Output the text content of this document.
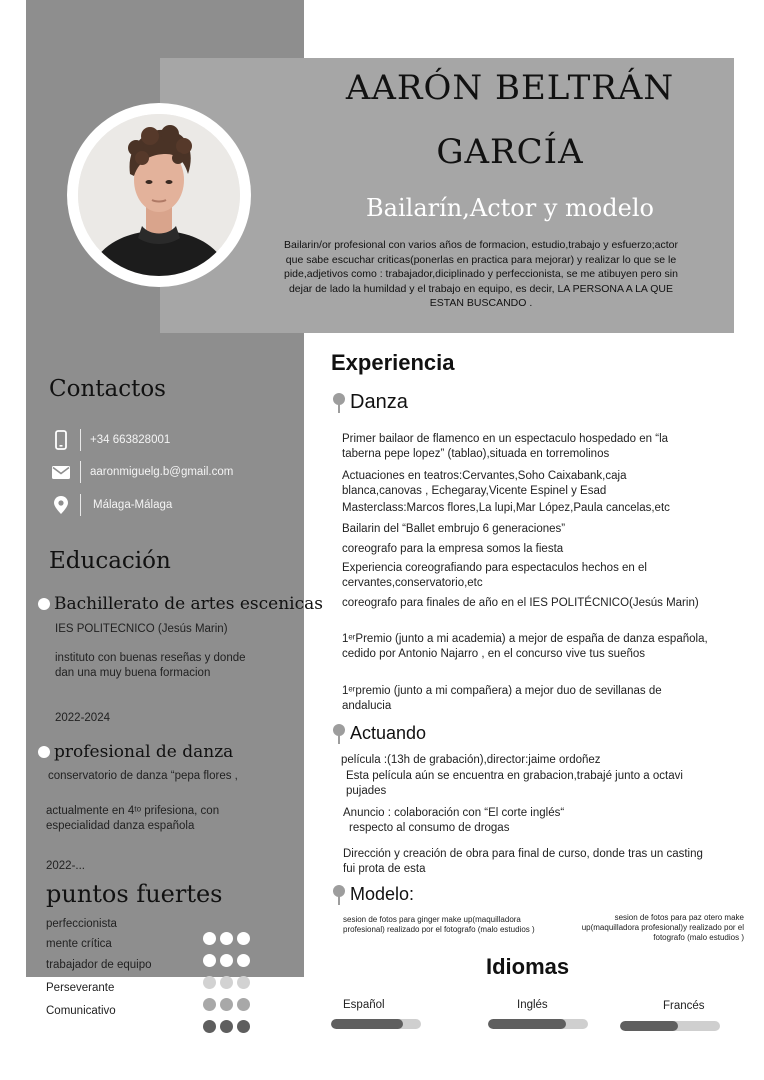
AARÓN BELTRÁN
GARCÍA
Bailarín,Actor y modelo
Bailarin/or profesional con varios años de formacion, estudio,trabajo y esfuerzo;actor que sabe escuchar criticas(ponerlas en practica para mejorar) y realizar lo que se le pide,adjetivos como : trabajador,diciplinado y perfeccionista, se me atibuyen pero sin dejar de lado la humildad y el trabajo en equipo, es decir, LA PERSONA A LA QUE ESTAN BUSCANDO .
Contactos
+34 663828001
aaronmiguelg.b@gmail.com
Málaga-Málaga
Educación
Bachillerato de artes escenicas
IES POLITECNICO (Jesús Marin)
instituto con buenas reseñas y donde dan una muy buena formacion
2022-2024
profesional de danza
conservatorio de danza “pepa flores ,
actualmente en 4ᵗᵒ prifesiona, con especialidad danza española
2022-...
puntos fuertes
perfeccionista
mente crítica
trabajador de equipo
Perseverante
Comunicativo
Experiencia
Danza
Primer bailaor de flamenco en un espectaculo hospedado en “la taberna pepe lopez” (tablao),situada en torremolinos
Actuaciones en teatros:Cervantes,Soho Caixabank,caja blanca,canovas , Echegaray,Vicente Espinel y Esad
Masterclass:Marcos flores,La lupi,Mar López,Paula cancelas,etc
Bailarin del “Ballet embrujo 6 generaciones”
coreografo para la empresa somos la fiesta
Experiencia coreografiando para espectaculos hechos en el cervantes,conservatorio,etc
coreografo para finales de año en el IES POLITÉCNICO(Jesús Marin)
1ᵉʳPremio (junto a mi academia) a mejor de españa de danza española, cedido por Antonio Najarro , en el concurso vive tus sueños
1ᵉʳpremio (junto a mi compañera) a mejor duo de sevillanas de andalucia
Actuando
película :(13h de grabación),director:jaime ordoñez
Esta película aún se encuentra en grabacion,trabajé junto a octavi pujades
Anuncio : colaboración con “El corte inglés“
respecto al consumo de drogas
Dirección y creación de obra para final de curso, donde tras un casting fui prota de esta
Modelo:
sesion de fotos para ginger make up(maquilladora profesional) realizado por el fotografo (malo estudios )
sesion de fotos para paz otero make up(maquilladora profesional)y realizado por el fotografo (malo estudios )
Idiomas
Español	Inglés	Francés
